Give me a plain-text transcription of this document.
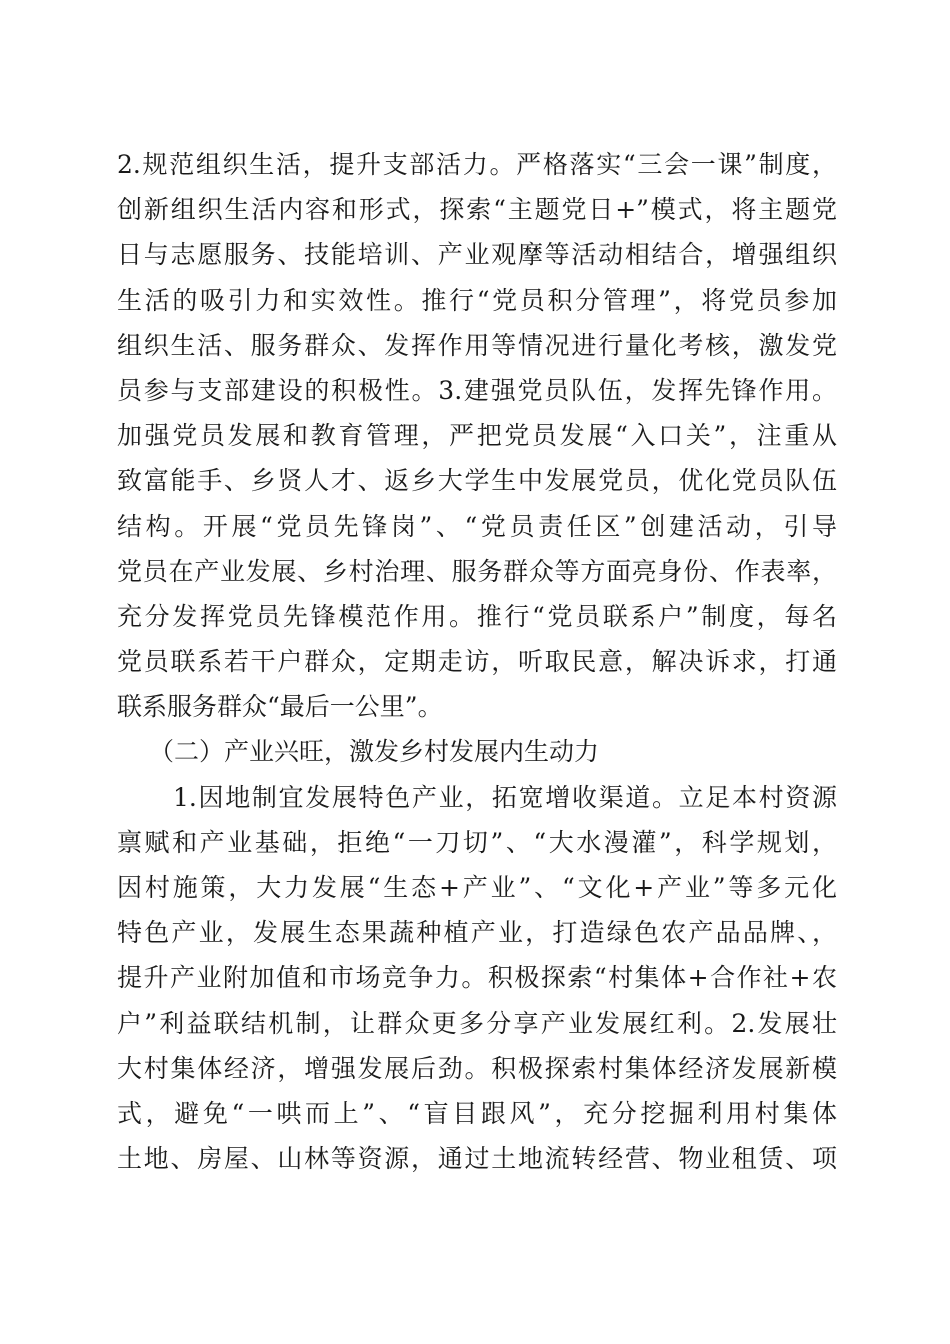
2.规范组织生活，提升支部活力。严格落实“三会一课”制度，
创新组织生活内容和形式，探索“主题党日+”模式，将主题党
日与志愿服务、技能培训、产业观摩等活动相结合，增强组织
生活的吸引力和实效性。推行“党员积分管理”，将党员参加
组织生活、服务群众、发挥作用等情况进行量化考核，激发党
员参与支部建设的积极性。3.建强党员队伍，发挥先锋作用。
加强党员发展和教育管理，严把党员发展“入口关”，注重从
致富能手、乡贤人才、返乡大学生中发展党员，优化党员队伍
结构。开展“党员先锋岗”、“党员责任区”创建活动，引导
党员在产业发展、乡村治理、服务群众等方面亮身份、作表率，
充分发挥党员先锋模范作用。推行“党员联系户”制度，每名
党员联系若干户群众，定期走访，听取民意，解决诉求，打通
联系服务群众“最后一公里”。
（二）产业兴旺，激发乡村发展内生动力
1.因地制宜发展特色产业，拓宽增收渠道。立足本村资源
禀赋和产业基础，拒绝“一刀切”、“大水漫灌”，科学规划，
因村施策，大力发展“生态+产业”、“文化+产业”等多元化
特色产业，发展生态果蔬种植产业，打造绿色农产品品牌、，
提升产业附加值和市场竞争力。积极探索“村集体+合作社+农
户”利益联结机制，让群众更多分享产业发展红利。2.发展壮
大村集体经济，增强发展后劲。积极探索村集体经济发展新模
式，避免“一哄而上”、“盲目跟风”，充分挖掘利用村集体
土地、房屋、山林等资源，通过土地流转经营、物业租赁、项
